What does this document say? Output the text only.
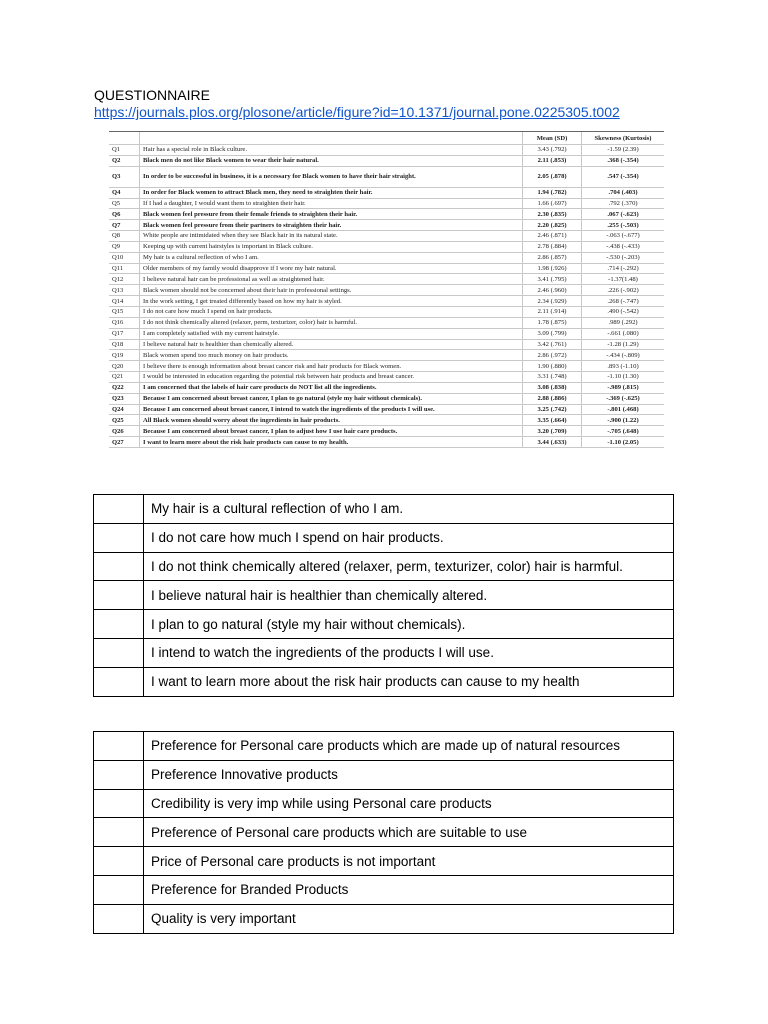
QUESTIONNAIRE
https://journals.plos.org/plosone/article/figure?id=10.1371/journal.pone.0225305.t002
		Mean (SD)	Skewness (Kurtosis)
Q1	Hair has a special role in Black culture.	3.43 (.792)	-1.59 (2.39)
Q2	Black men do not like Black women to wear their hair natural.	2.11 (.853)	.368 (-.354)
Q3	In order to be successful in business, it is a necessary for Black women to have their hair straight.	2.05 (.878)	.547 (-.354)
Q4	In order for Black women to attract Black men, they need to straighten their hair.	1.94 (.782)	.704 (.403)
Q5	If I had a daughter, I would want them to straighten their hair.	1.66 (.697)	.792 (.370)
Q6	Black women feel pressure from their female friends to straighten their hair.	2.30 (.835)	.067 (-.623)
Q7	Black women feel pressure from their partners to straighten their hair.	2.20 (.825)	.255 (-.503)
Q8	White people are intimidated when they see Black hair in its natural state.	2.46 (.871)	-.063 (-.677)
Q9	Keeping up with current hairstyles is important in Black culture.	2.78 (.884)	-.438 (-.433)
Q10	My hair is a cultural reflection of who I am.	2.86 (.857)	-.530 (-.203)
Q11	Older members of my family would disapprove if I wore my hair natural.	1.98 (.926)	.714 (-.292)
Q12	I believe natural hair can be professional as well as straightened hair.	3.41 (.795)	-1.37(1.48)
Q13	Black women should not be concerned about their hair in professional settings.	2.46 (.960)	.226 (-.902)
Q14	In the work setting, I get treated differently based on how my hair is styled.	2.34 (.929)	.268 (-.747)
Q15	I do not care how much I spend on hair products.	2.11 (.914)	.490 (-.542)
Q16	I do not think chemically altered (relaxer, perm, texturizer, color) hair is harmful.	1.78 (.875)	.989 (.292)
Q17	I am completely satisfied with my current hairstyle.	3.09 (.799)	-.661 (.080)
Q18	I believe natural hair is healthier than chemically altered.	3.42 (.761)	-1.28 (1.29)
Q19	Black women spend too much money on hair products.	2.86 (.972)	-.434 (-.809)
Q20	I believe there is enough information about breast cancer risk and hair products for Black women.	1.90 (.880)	.893 (-1.10)
Q21	I would be interested in education regarding the potential risk between hair products and breast cancer.	3.31 (.748)	-1.10 (1.30)
Q22	I am concerned that the labels of hair care products do NOT list all the ingredients.	3.08 (.838)	-.989 (.815)
Q23	Because I am concerned about breast cancer, I plan to go natural (style my hair without chemicals).	2.88 (.886)	-.369 (-.625)
Q24	Because I am concerned about breast cancer, I intend to watch the ingredients of the products I will use.	3.25 (.742)	-.801 (.468)
Q25	All Black women should worry about the ingredients in hair products.	3.35 (.664)	-.900 (1.22)
Q26	Because I am concerned about breast cancer, I plan to adjust how I use hair care products.	3.20 (.709)	-.705 (.648)
Q27	I want to learn more about the risk hair products can cause to my health.	3.44 (.633)	-1.10 (2.05)
	My hair is a cultural reflection of who I am.
	I do not care how much I spend on hair products.
	I do not think chemically altered (relaxer, perm, texturizer, color) hair is harmful.
	I believe natural hair is healthier than chemically altered.
	I plan to go natural (style my hair without chemicals).
	I intend to watch the ingredients of the products I will use.
	I want to learn more about the risk hair products can cause to my health
	Preference for Personal care products which are made up of natural resources
	Preference Innovative products
	Credibility is very imp while using Personal care products
	Preference of Personal care products which are suitable to use
	Price of Personal care products is not important
	Preference for Branded Products
	Quality is very important
